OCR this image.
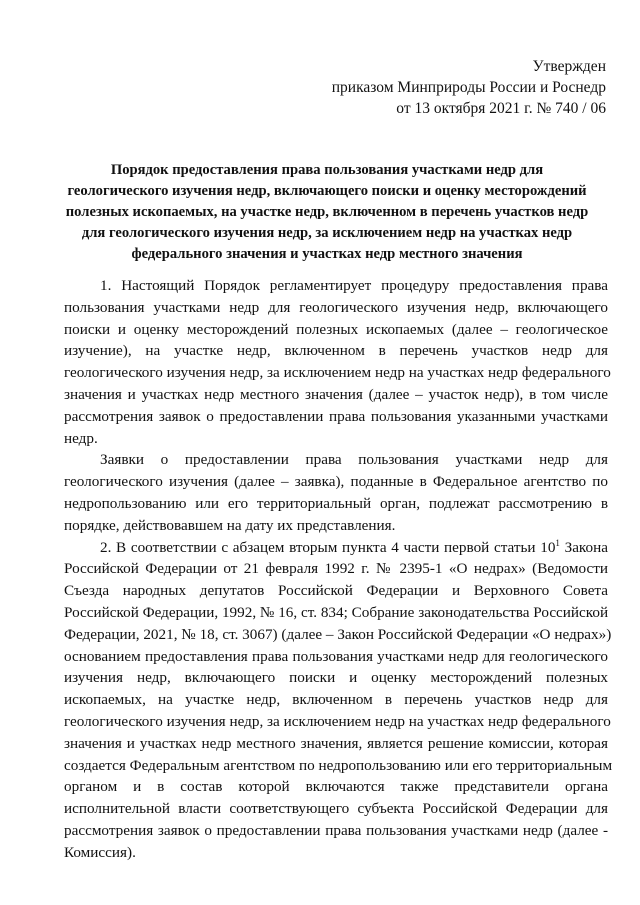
Утвержден
приказом Минприроды России и Роснедр
от 13 октября 2021 г. № 740 / 06
Порядок предоставления права пользования участками недр для
геологического изучения недр, включающего поиски и оценку месторождений
полезных ископаемых, на участке недр, включенном в перечень участков недр
для геологического изучения недр, за исключением недр на участках недр
федерального значения и участках недр местного значения
1. Настоящий Порядок регламентирует процедуру предоставления права
пользования участками недр для геологического изучения недр, включающего
поиски и оценку месторождений полезных ископаемых (далее – геологическое
изучение), на участке недр, включенном в перечень участков недр для
геологического изучения недр, за исключением недр на участках недр федерального
значения и участках недр местного значения (далее – участок недр), в том числе
рассмотрения заявок о предоставлении права пользования указанными участками
недр.
Заявки о предоставлении права пользования участками недр для
геологического изучения (далее – заявка), поданные в Федеральное агентство по
недропользованию или его территориальный орган, подлежат рассмотрению в
порядке, действовавшем на дату их представления.
2. В соответствии с абзацем вторым пункта 4 части первой статьи $10^1$ Закона
Российской Федерации от 21 февраля 1992 г. № 2395-1 «О недрах» (Ведомости
Съезда народных депутатов Российской Федерации и Верховного Совета
Российской Федерации, 1992, № 16, ст. 834; Собрание законодательства Российской
Федерации, 2021, № 18, ст. 3067) (далее – Закон Российской Федерации «О недрах»)
основанием предоставления права пользования участками недр для геологического
изучения недр, включающего поиски и оценку месторождений полезных
ископаемых, на участке недр, включенном в перечень участков недр для
геологического изучения недр, за исключением недр на участках недр федерального
значения и участках недр местного значения, является решение комиссии, которая
создается Федеральным агентством по недропользованию или его территориальным
органом и в состав которой включаются также представители органа
исполнительной власти соответствующего субъекта Российской Федерации для
рассмотрения заявок о предоставлении права пользования участками недр (далее -
Комиссия).
